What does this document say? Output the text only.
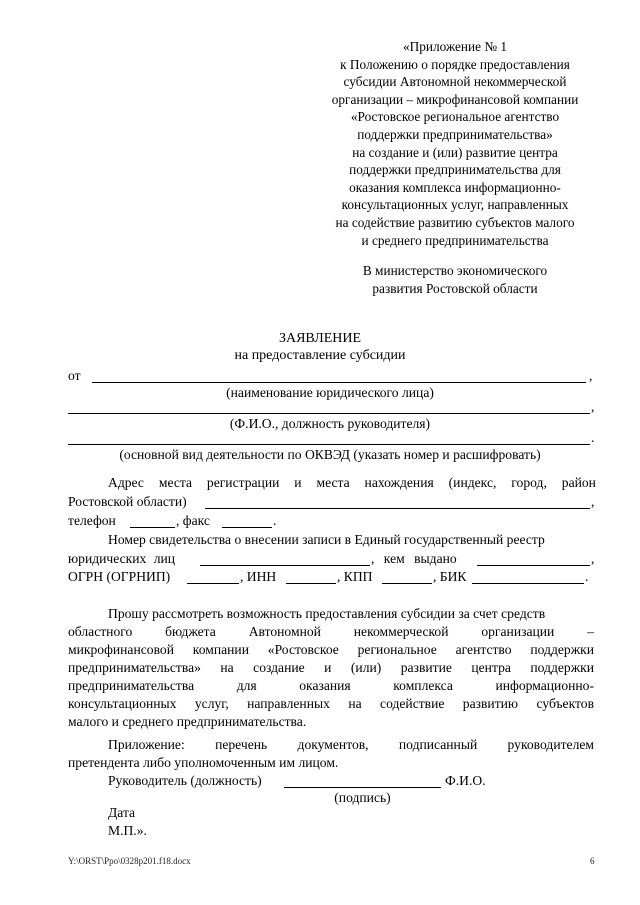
«Приложение № 1
к Положению о порядке предоставления
субсидии Автономной некоммерческой
организации – микрофинансовой компании
«Ростовское региональное агентство
поддержки предпринимательства»
на создание и (или) развитие центра
поддержки предпринимательства для
оказания комплекса информационно-
консультационных услуг, направленных
на содействие развитию субъектов малого
и среднего предпринимательства
В министерство экономического
развития Ростовской области
ЗАЯВЛЕНИЕ
на предоставление субсидии
от	,
(наименование юридического лица)
,
(Ф.И.О., должность руководителя)
.
(основной вид деятельности по ОКВЭД (указать номер и расшифровать)
Адрес места регистрации и места нахождения (индекс, город, район
Ростовской области)	,
телефон	, факс	.
Номер свидетельства о внесении записи в Единый государственный реестр
юридических лиц	, кем выдано	,
ОГРН (ОГРНИП)	, ИНН	, КПП	, БИК	.
Прошу рассмотреть возможность предоставления субсидии за счет средств
областного бюджета Автономной некоммерческой организации –
микрофинансовой компании «Ростовское региональное агентство поддержки
предпринимательства» на создание и (или) развитие центра поддержки
предпринимательства для оказания комплекса информационно-
консультационных услуг, направленных на содействие развитию субъектов
малого и среднего предпринимательства.
Приложение: перечень документов, подписанный руководителем
претендента либо уполномоченным им лицом.
Руководитель (должность)	Ф.И.О.
(подпись)
Дата
М.П.».
Y:\ORST\Ppo\0328p201.f18.docx	6
